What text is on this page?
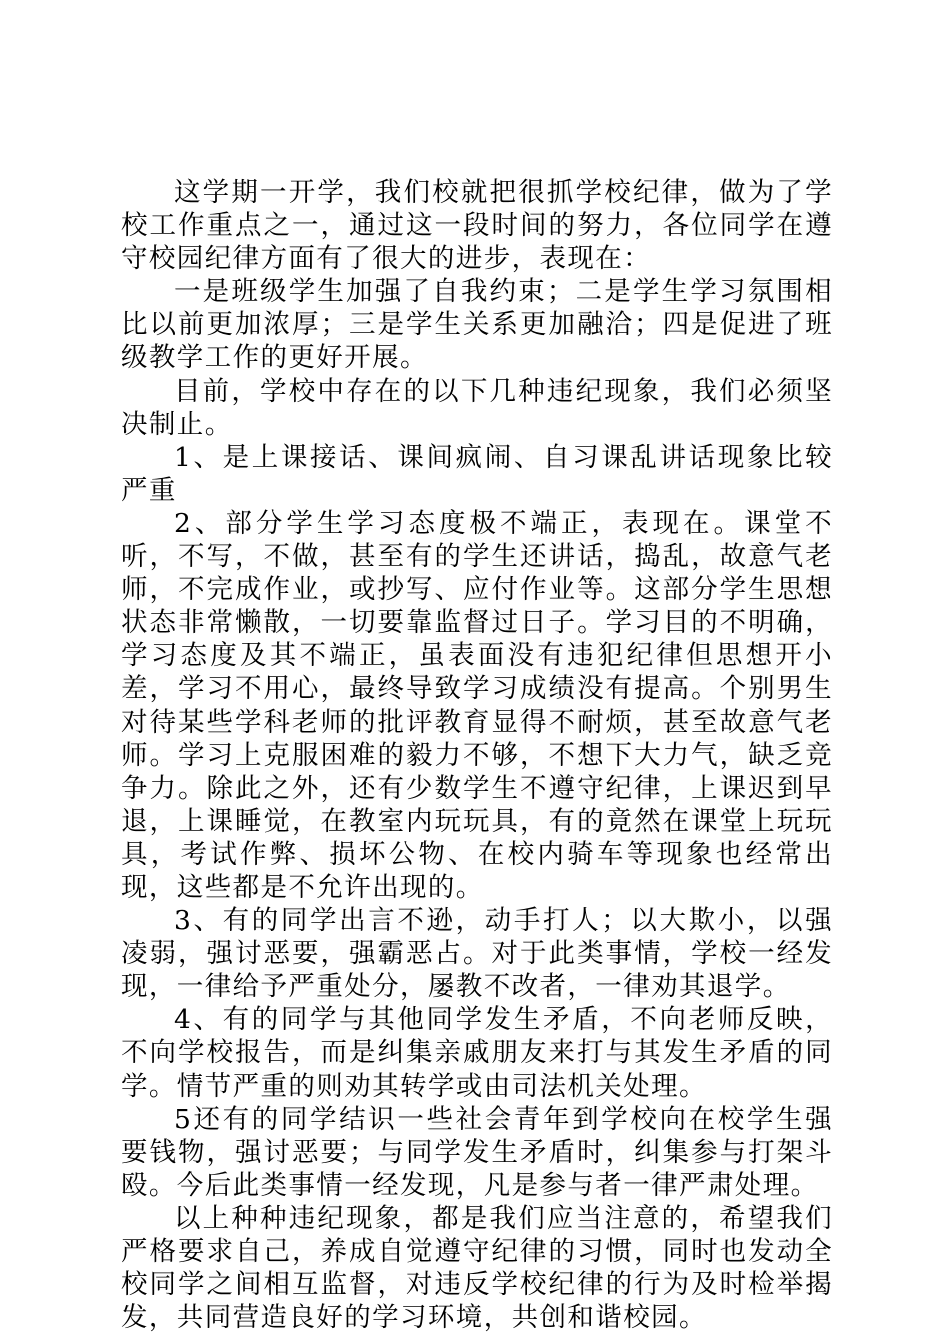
这学期一开学，我们校就把很抓学校纪律，做为了学校工作重点之一，通过这一段时间的努力，各位同学在遵守校园纪律方面有了很大的进步，表现在：

一是班级学生加强了自我约束；二是学生学习氛围相比以前更加浓厚；三是学生关系更加融洽；四是促进了班级教学工作的更好开展。

目前，学校中存在的以下几种违纪现象，我们必须坚决制止。

1、是上课接话、课间疯闹、自习课乱讲话现象比较严重

2、部分学生学习态度极不端正，表现在。课堂不听，不写，不做，甚至有的学生还讲话，捣乱，故意气老师，不完成作业，或抄写、应付作业等。这部分学生思想状态非常懒散，一切要靠监督过日子。学习目的不明确，学习态度及其不端正，虽表面没有违犯纪律但思想开小差，学习不用心，最终导致学习成绩没有提高。个别男生对待某些学科老师的批评教育显得不耐烦，甚至故意气老师。学习上克服困难的毅力不够，不想下大力气，缺乏竞争力。除此之外，还有少数学生不遵守纪律，上课迟到早退，上课睡觉，在教室内玩玩具，有的竟然在课堂上玩玩具，考试作弊、损坏公物、在校内骑车等现象也经常出现，这些都是不允许出现的。

3、有的同学出言不逊，动手打人；以大欺小，以强凌弱，强讨恶要，强霸恶占。对于此类事情，学校一经发现，一律给予严重处分，屡教不改者，一律劝其退学。

4、有的同学与其他同学发生矛盾，不向老师反映，不向学校报告，而是纠集亲戚朋友来打与其发生矛盾的同学。情节严重的则劝其转学或由司法机关处理。

5还有的同学结识一些社会青年到学校向在校学生强要钱物，强讨恶要；与同学发生矛盾时，纠集参与打架斗殴。今后此类事情一经发现，凡是参与者一律严肃处理。

以上种种违纪现象，都是我们应当注意的，希望我们严格要求自己，养成自觉遵守纪律的习惯，同时也发动全校同学之间相互监督，对违反学校纪律的行为及时检举揭发，共同营造良好的学习环境，共创和谐校园。
